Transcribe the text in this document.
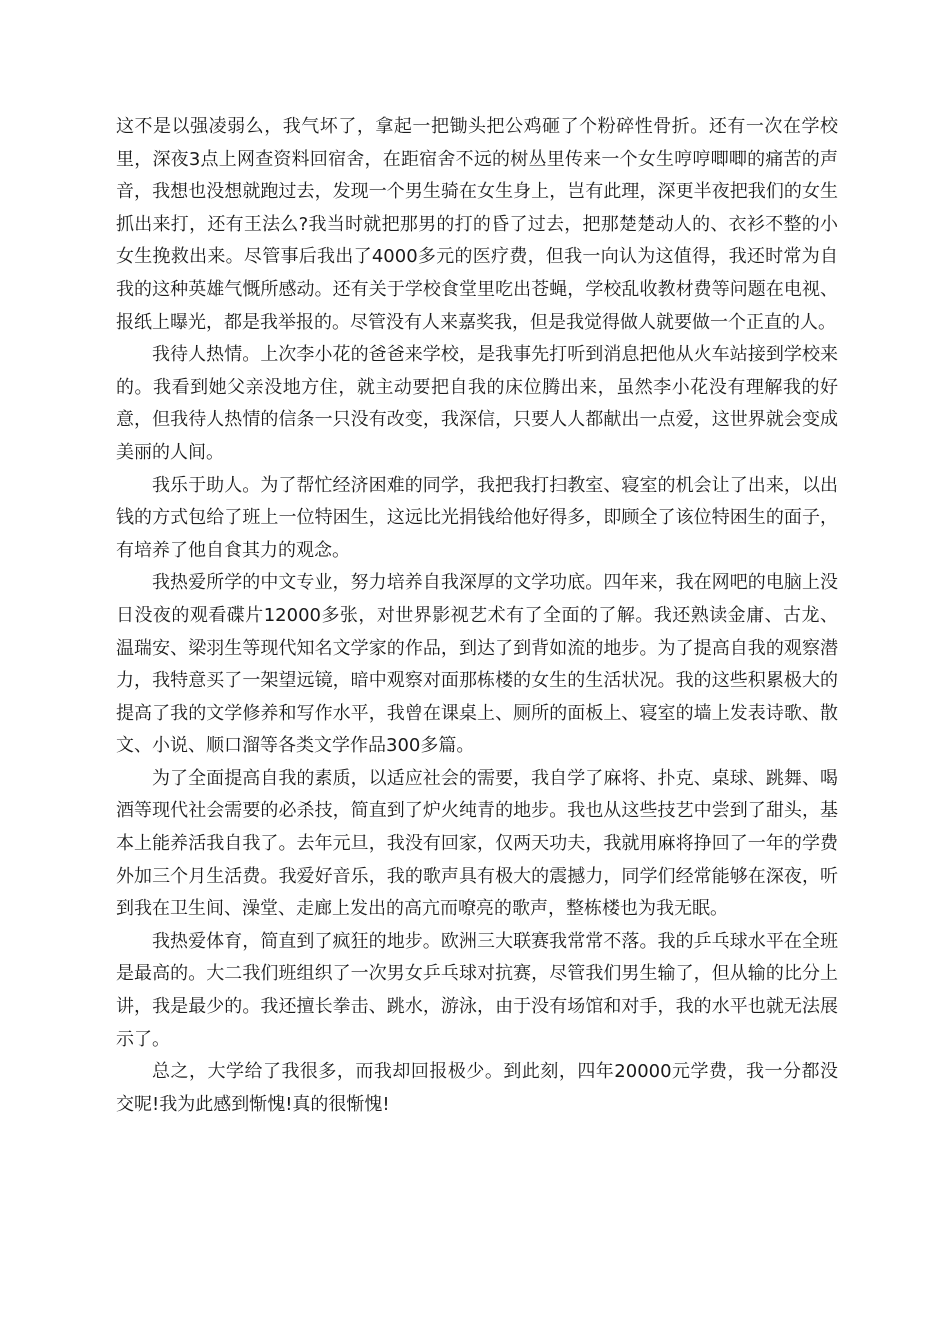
这不是以强凌弱么，我气坏了，拿起一把锄头把公鸡砸了个粉碎性骨折。还有一次在学校里，深夜3点上网查资料回宿舍，在距宿舍不远的树丛里传来一个女生哼哼唧唧的痛苦的声音，我想也没想就跑过去，发现一个男生骑在女生身上，岂有此理，深更半夜把我们的女生抓出来打，还有王法么?我当时就把那男的打的昏了过去，把那楚楚动人的、衣衫不整的小女生挽救出来。尽管事后我出了4000多元的医疗费，但我一向认为这值得，我还时常为自我的这种英雄气慨所感动。还有关于学校食堂里吃出苍蝇，学校乱收教材费等问题在电视、报纸上曝光，都是我举报的。尽管没有人来嘉奖我，但是我觉得做人就要做一个正直的人。

我待人热情。上次李小花的爸爸来学校，是我事先打听到消息把他从火车站接到学校来的。我看到她父亲没地方住，就主动要把自我的床位腾出来，虽然李小花没有理解我的好意，但我待人热情的信条一只没有改变，我深信，只要人人都献出一点爱，这世界就会变成美丽的人间。

我乐于助人。为了帮忙经济困难的同学，我把我打扫教室、寝室的机会让了出来，以出钱的方式包给了班上一位特困生，这远比光捐钱给他好得多，即顾全了该位特困生的面子，有培养了他自食其力的观念。

我热爱所学的中文专业，努力培养自我深厚的文学功底。四年来，我在网吧的电脑上没日没夜的观看碟片12000多张，对世界影视艺术有了全面的了解。我还熟读金庸、古龙、温瑞安、梁羽生等现代知名文学家的作品，到达了到背如流的地步。为了提高自我的观察潜力，我特意买了一架望远镜，暗中观察对面那栋楼的女生的生活状况。我的这些积累极大的提高了我的文学修养和写作水平，我曾在课桌上、厕所的面板上、寝室的墙上发表诗歌、散文、小说、顺口溜等各类文学作品300多篇。

为了全面提高自我的素质，以适应社会的需要，我自学了麻将、扑克、桌球、跳舞、喝酒等现代社会需要的必杀技，简直到了炉火纯青的地步。我也从这些技艺中尝到了甜头，基本上能养活我自我了。去年元旦，我没有回家，仅两天功夫，我就用麻将挣回了一年的学费外加三个月生活费。我爱好音乐，我的歌声具有极大的震撼力，同学们经常能够在深夜，听到我在卫生间、澡堂、走廊上发出的高亢而嘹亮的歌声，整栋楼也为我无眠。

我热爱体育，简直到了疯狂的地步。欧洲三大联赛我常常不落。我的乒乓球水平在全班是最高的。大二我们班组织了一次男女乒乓球对抗赛，尽管我们男生输了，但从输的比分上讲，我是最少的。我还擅长拳击、跳水，游泳，由于没有场馆和对手，我的水平也就无法展示了。

总之，大学给了我很多，而我却回报极少。到此刻，四年20000元学费，我一分都没交呢!我为此感到惭愧!真的很惭愧!
